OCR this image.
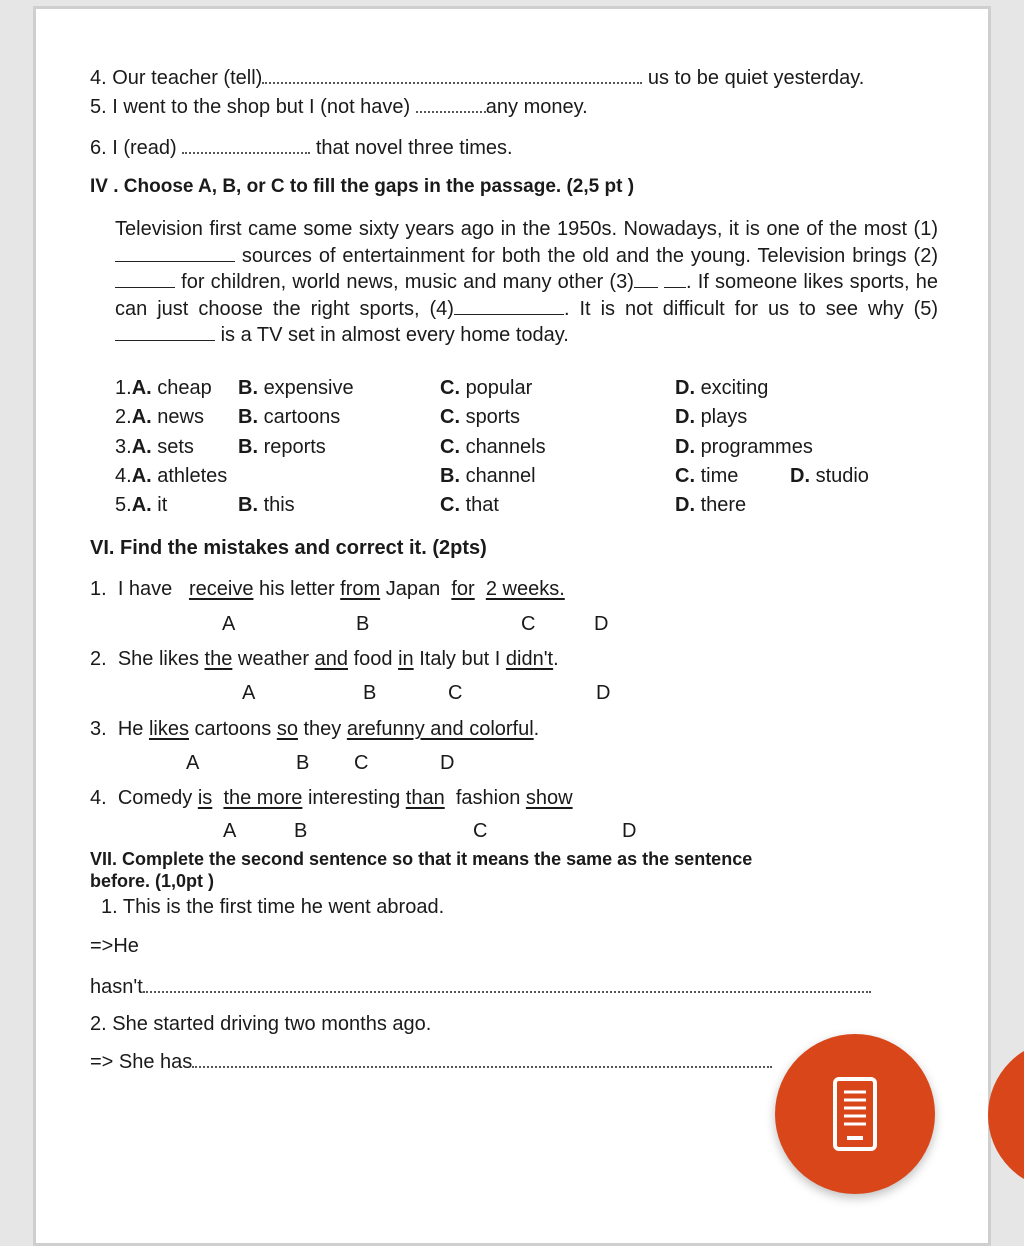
4. Our teacher (tell)	us to be quiet yesterday.
5. I went to the shop but I (not have)	any money.
6. I (read)	that novel three times.
IV . Choose A, B, or C to fill the gaps in the passage. (2,5 pt )
Television first came some sixty years ago in the 1950s. Nowadays, it is one of the most (1) sources of entertainment for both the old and the young. Television brings (2) for children, world news, music and many other (3)	. If someone likes sports, he can just choose the right sports, (4)	. It is not difficult for us to see why (5) is a TV set in almost every home today.
1.A. cheap B. expensive	C. popular	D. exciting
2.A. news B. cartoons	C. sports	D. plays
3.A. sets B. reports	C. channels	D. programmes
4.A. athletes	B. channel	C. time	D. studio
5.A. it	B. this	C. that	D. there
VI. Find the mistakes and correct it. (2pts)
1. I have receive his letter from Japan for 2 weeks.
A	B	C	D
2. She likes the weather and food in Italy but I didn't.
A	B	C	D
3. He likes cartoons so they arefunny and colorful.
A	B C	D
4. Comedy is the more interesting than fashion show
A	B	C	D
VII. Complete the second sentence so that it means the same as the sentence
before. (1,0pt )
1. This is the first time he went abroad.
=>He
hasn't
2. She started driving two months ago.
=> She has
